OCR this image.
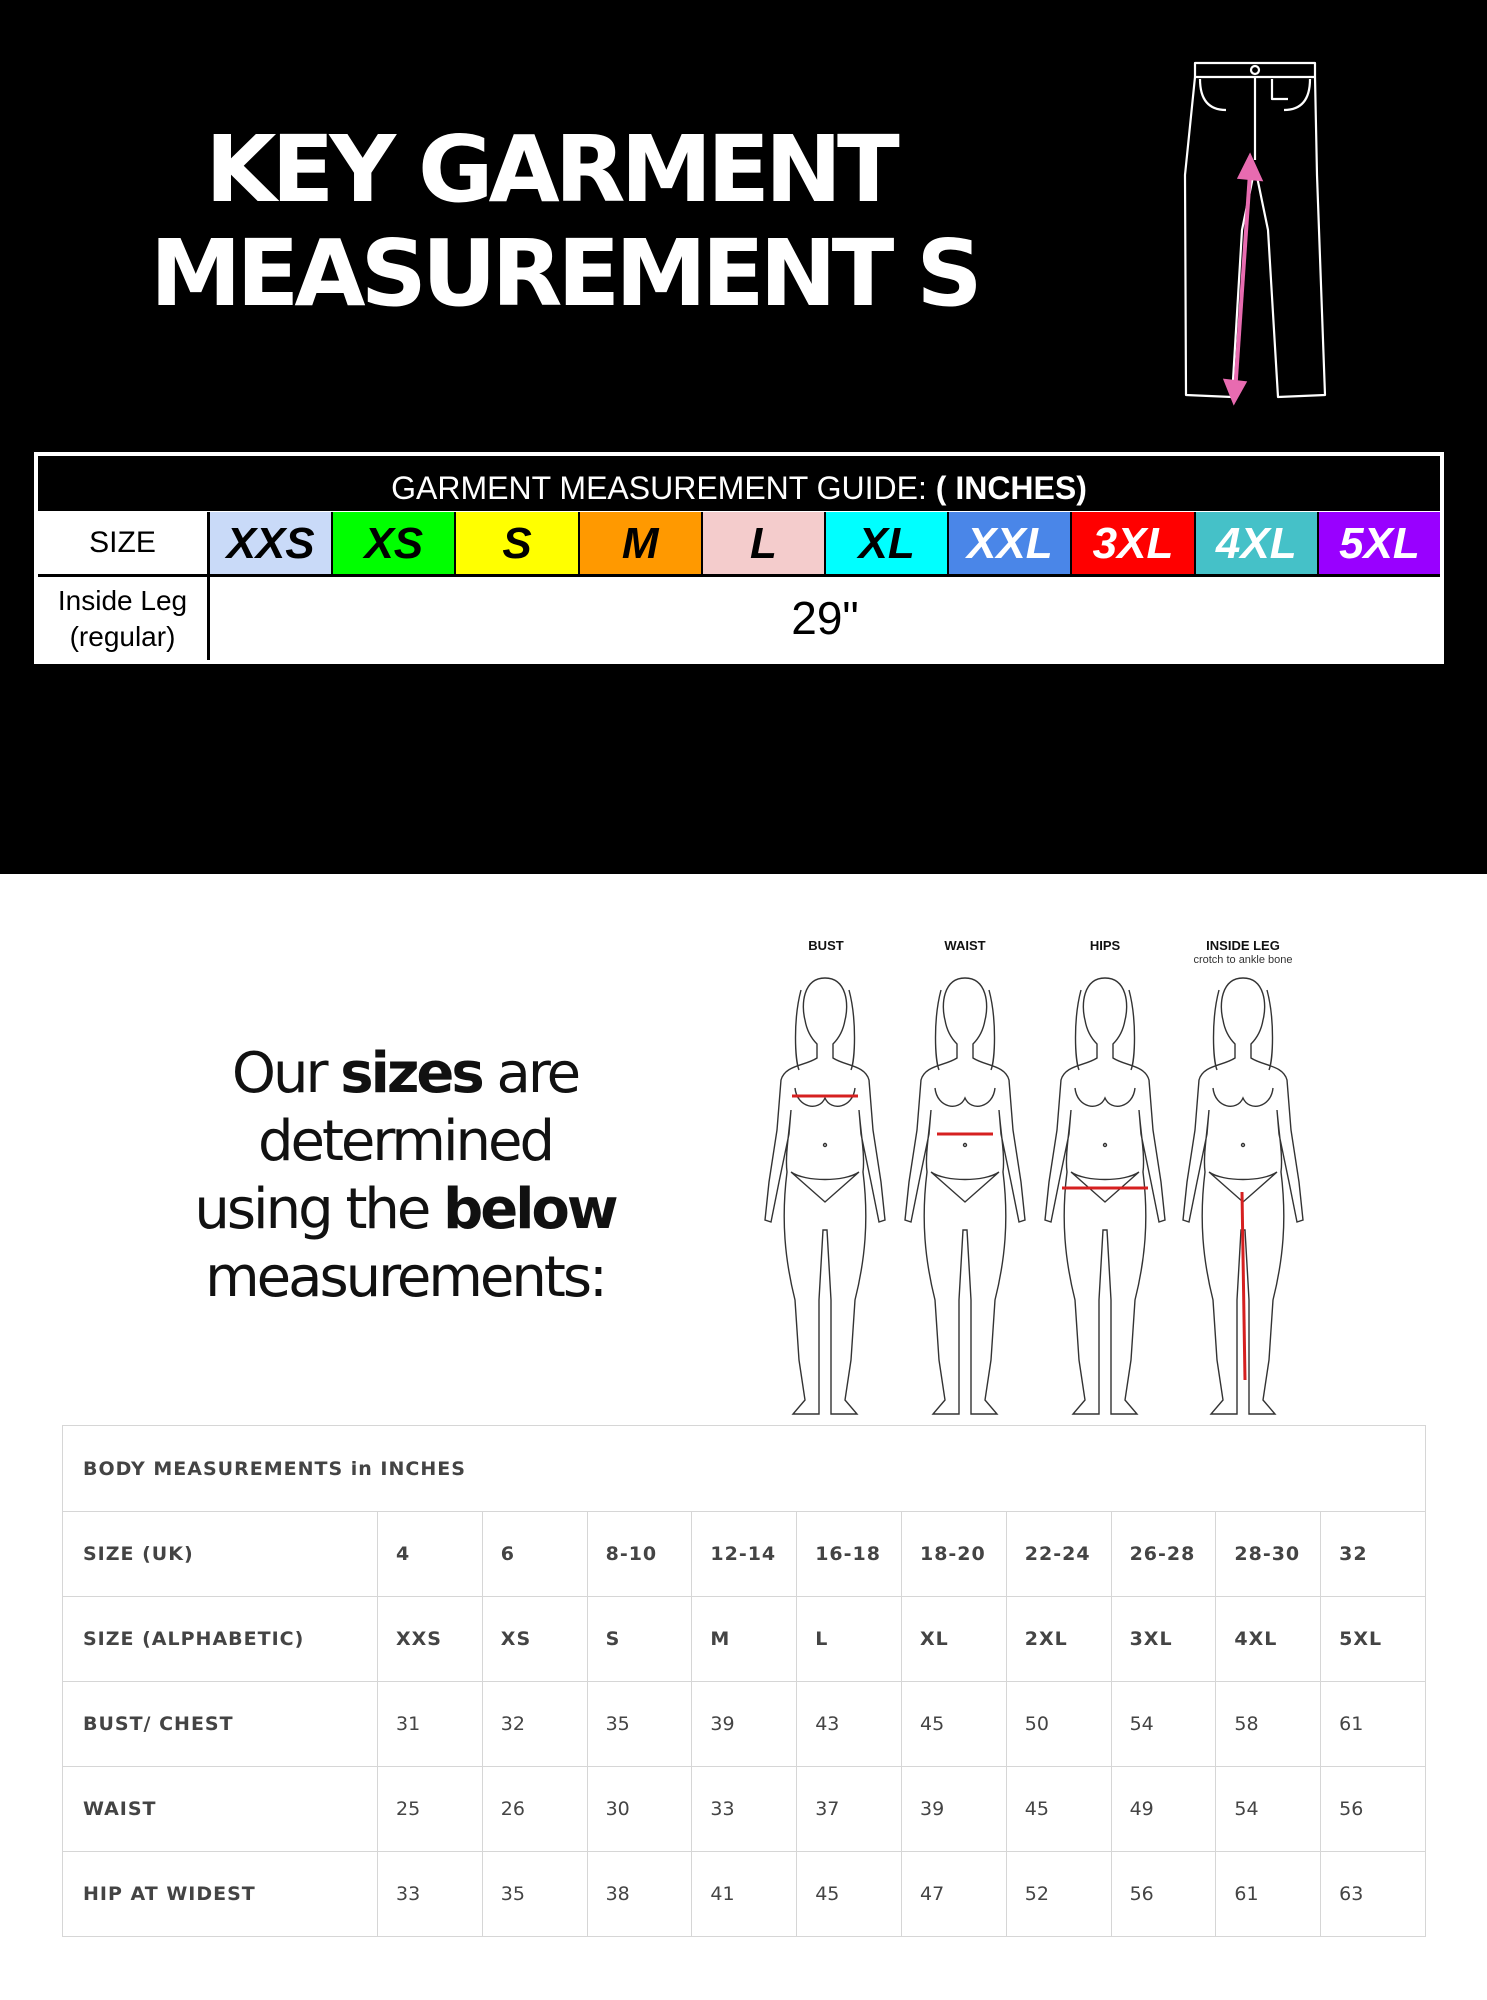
KEY GARMENT
MEASUREMENT S
GARMENT MEASUREMENT GUIDE: ( INCHES)
SIZE	XXS	XS	S	M	L	XL	XXL 3XL 4XL 5XL
Inside Leg
(regular)	29"
Our sizes are
determined
using the below
measurements:
BUST	WAIST	HIPS	INSIDE LEG
crotch to ankle bone
BODY MEASUREMENTS in INCHES
SIZE (UK)	4	6	8-10	12-14	16-18	18-20	22-24	26-28	28-30	32
SIZE (ALPHABETIC)	XXS	XS	S	M	L	XL	2XL	3XL	4XL	5XL
BUST/ CHEST	31	32	35	39	43	45	50	54	58	61
WAIST	25	26	30	33	37	39	45	49	54	56
HIP AT WIDEST	33	35	38	41	45	47	52	56	61	63
